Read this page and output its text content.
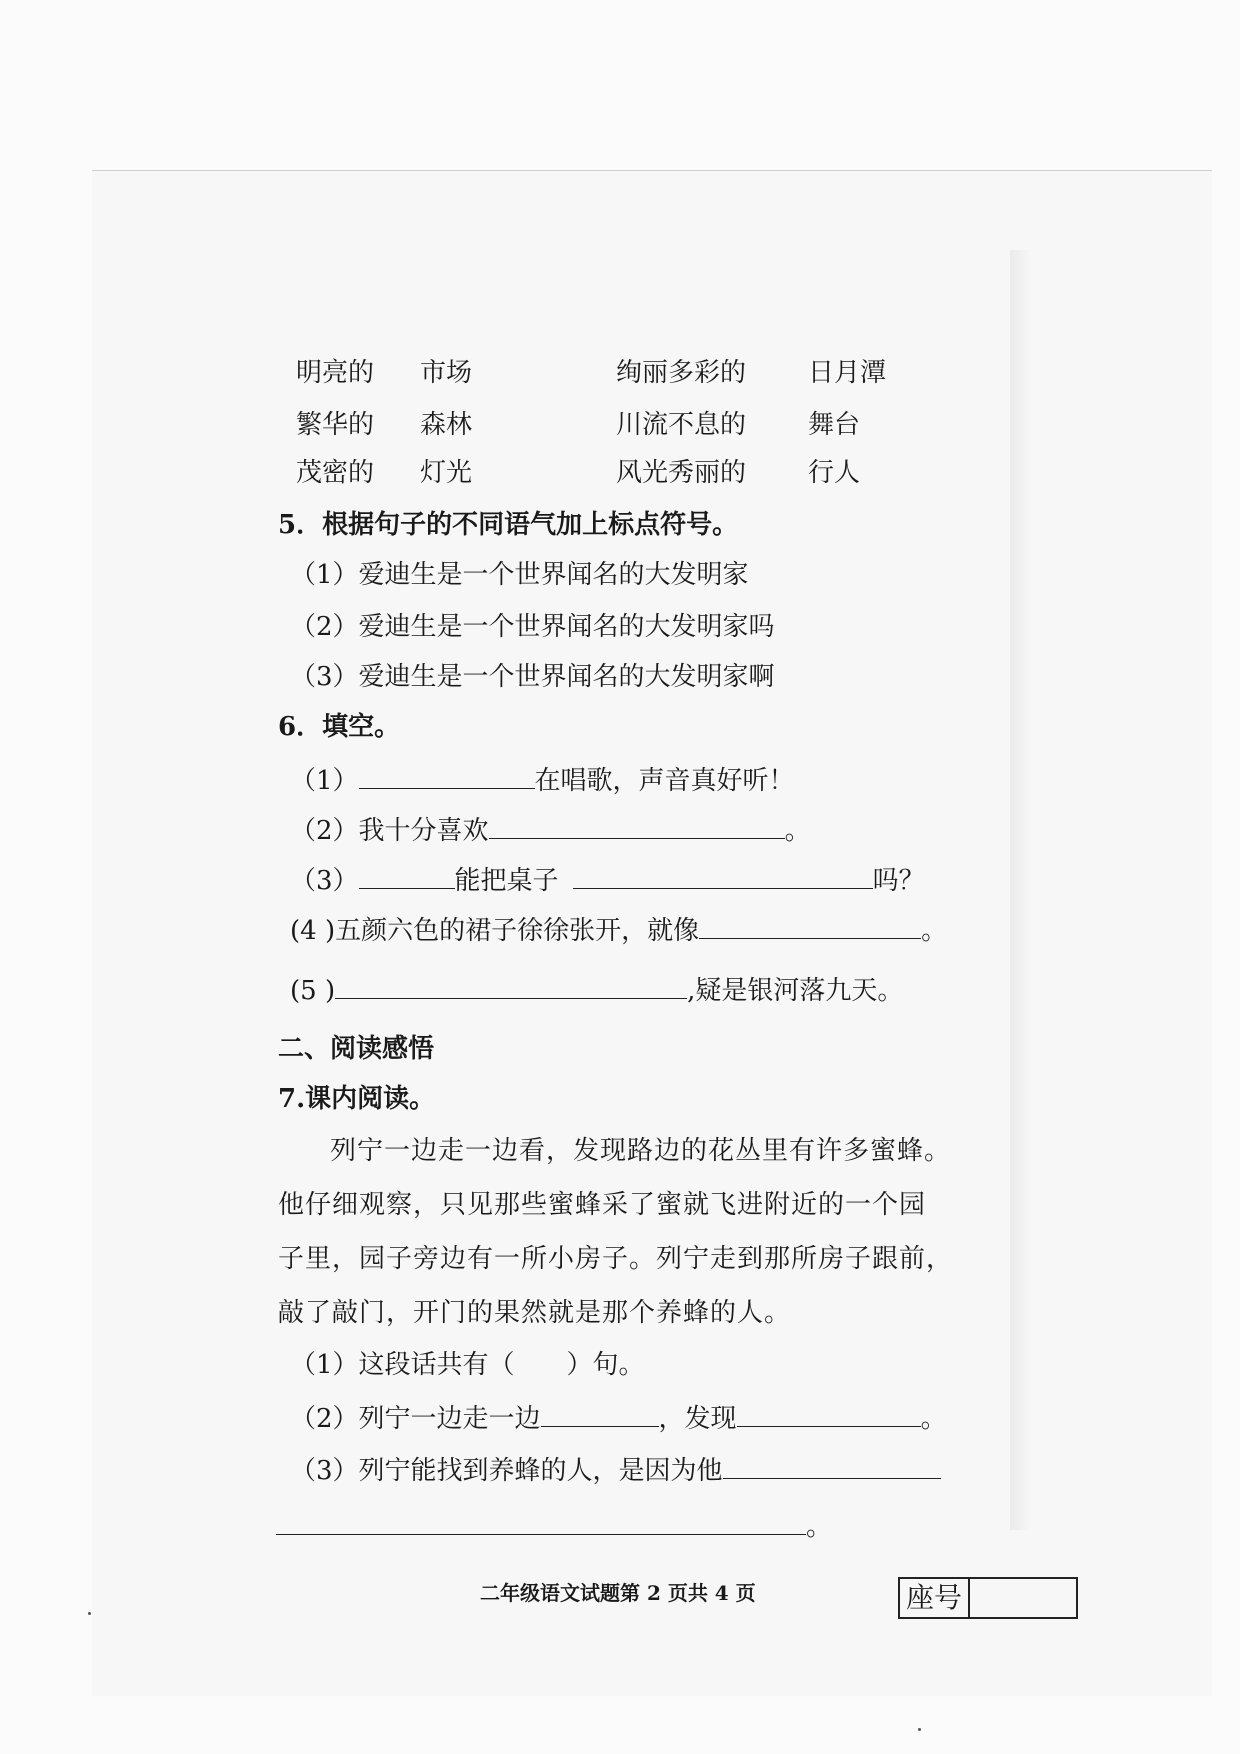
明亮的 市场	绚丽多彩的 日月潭
繁华的 森林	川流不息的 舞台
茂密的 灯光	风光秀丽的 行人
5．根据句子的不同语气加上标点符号。
（1）爱迪生是一个世界闻名的大发明家
（2）爱迪生是一个世界闻名的大发明家吗
（3）爱迪生是一个世界闻名的大发明家啊
6．填空。
（1）	在唱歌，声音真好听！
（2）我十分喜欢	。
（3）	能把桌子	吗？
(4 )五颜六色的裙子徐徐张开，就像	。
(5 )	,疑是银河落九天。
二、阅读感悟
7.课内阅读。
列宁一边走一边看，发现路边的花丛里有许多蜜蜂。
他仔细观察，只见那些蜜蜂采了蜜就飞进附近的一个园
子里，园子旁边有一所小房子。列宁走到那所房子跟前，
敲了敲门，开门的果然就是那个养蜂的人。
（1）这段话共有（　　）句。
（2）列宁一边走一边	，发现	。
（3）列宁能找到养蜂的人，是因为他
。
二年级语文试题第 2 页共 4 页	座号
